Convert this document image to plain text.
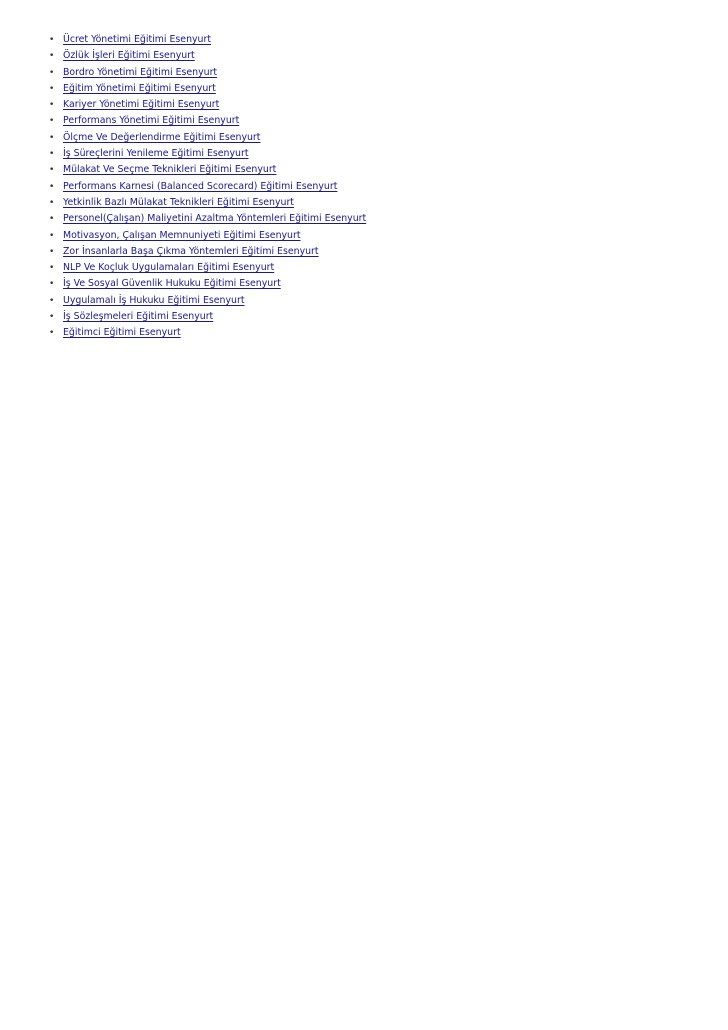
• Ücret Yönetimi Eğitimi Esenyurt
• Özlük İşleri Eğitimi Esenyurt
• Bordro Yönetimi Eğitimi Esenyurt
• Eğitim Yönetimi Eğitimi Esenyurt
• Kariyer Yönetimi Eğitimi Esenyurt
• Performans Yönetimi Eğitimi Esenyurt
• Ölçme Ve Değerlendirme Eğitimi Esenyurt
• İş Süreçlerini Yenileme Eğitimi Esenyurt
• Mülakat Ve Seçme Teknikleri Eğitimi Esenyurt
• Performans Karnesi (Balanced Scorecard) Eğitimi Esenyurt
• Yetkinlik Bazlı Mülakat Teknikleri Eğitimi Esenyurt
• Personel(Çalışan) Maliyetini Azaltma Yöntemleri Eğitimi Esenyurt
• Motivasyon, Çalışan Memnuniyeti Eğitimi Esenyurt
• Zor İnsanlarla Başa Çıkma Yöntemleri Eğitimi Esenyurt
• NLP Ve Koçluk Uygulamaları Eğitimi Esenyurt
• İş Ve Sosyal Güvenlik Hukuku Eğitimi Esenyurt
• Uygulamalı İş Hukuku Eğitimi Esenyurt
• İş Sözleşmeleri Eğitimi Esenyurt
• Eğitimci Eğitimi Esenyurt
